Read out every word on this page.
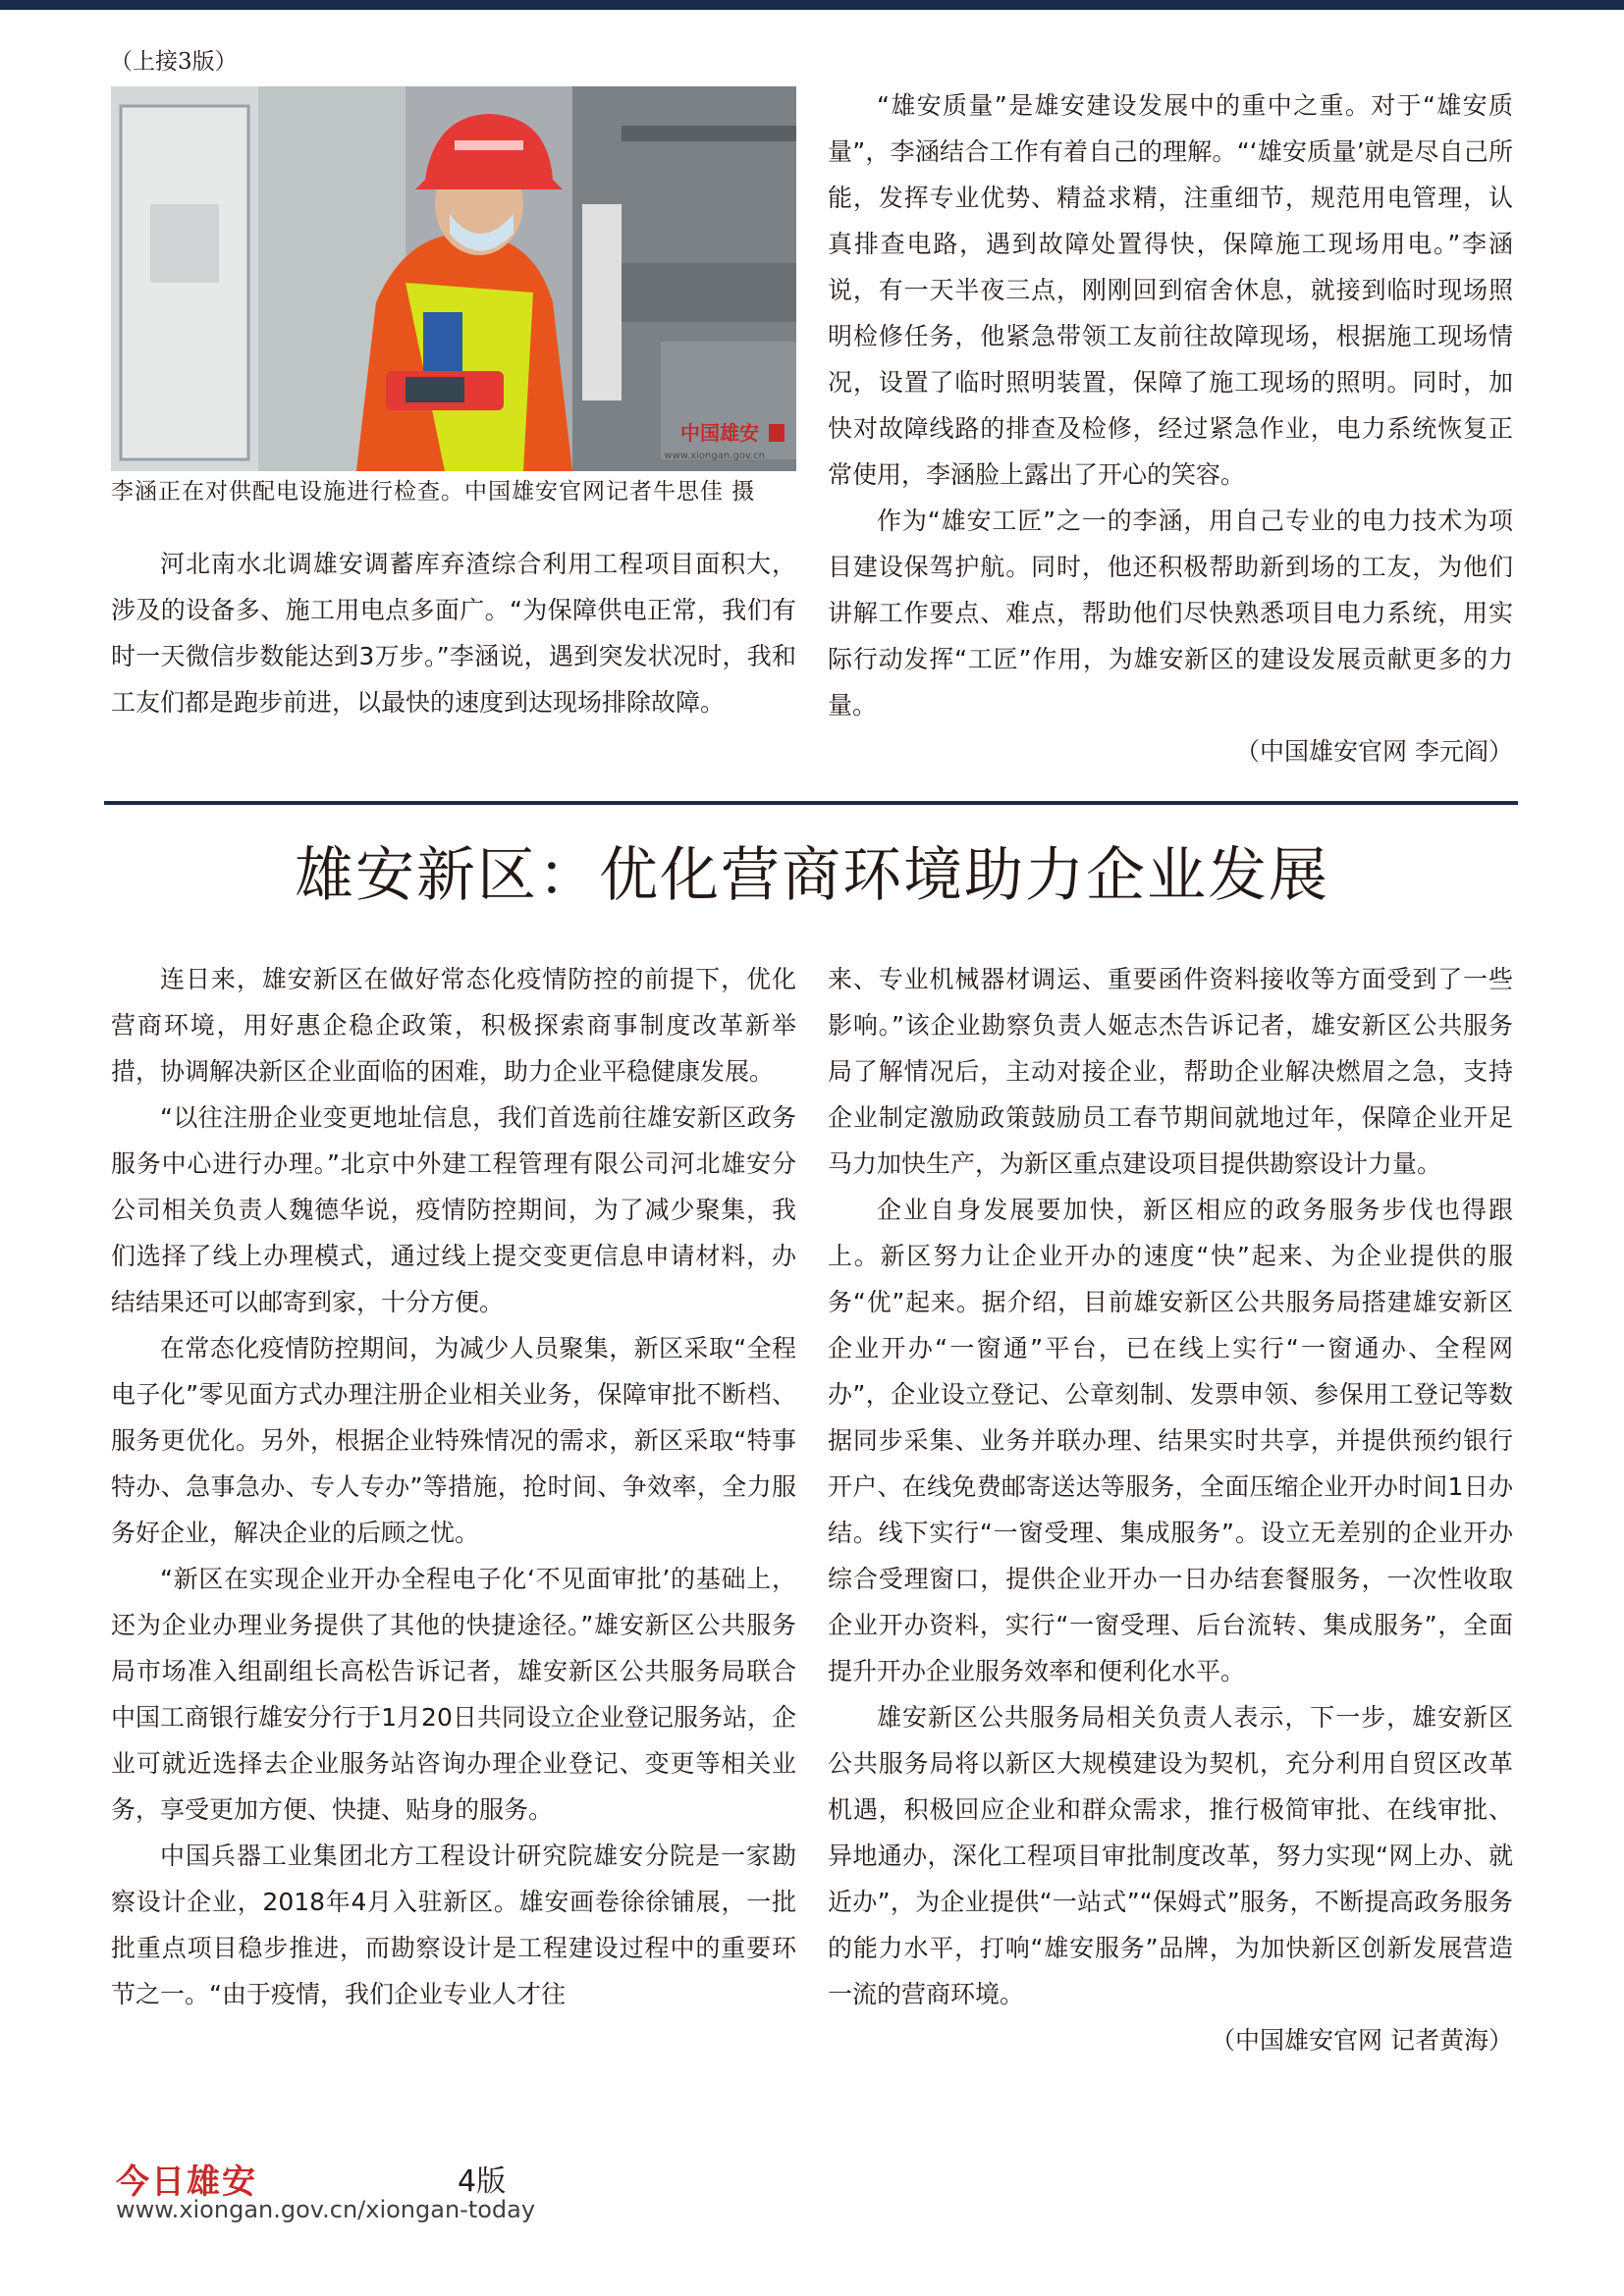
（上接3版）
中国雄安
www.xiongan.gov.cn
李涵正在对供配电设施进行检查。中国雄安官网记者牛思佳 摄

河北南水北调雄安调蓄库弃渣综合利用工程项目面积大，涉及的设备多、施工用电点多面广。“为保障供电正常，我们有时一天微信步数能达到3万步。”李涵说，遇到突发状况时，我和工友们都是跑步前进，以最快的速度到达现场排除故障。

“雄安质量”是雄安建设发展中的重中之重。对于“雄安质量”，李涵结合工作有着自己的理解。“‘雄安质量’就是尽自己所能，发挥专业优势、精益求精，注重细节，规范用电管理，认真排查电路，遇到故障处置得快，保障施工现场用电。”李涵说，有一天半夜三点，刚刚回到宿舍休息，就接到临时现场照明检修任务，他紧急带领工友前往故障现场，根据施工现场情况，设置了临时照明装置，保障了施工现场的照明。同时，加快对故障线路的排查及检修，经过紧急作业，电力系统恢复正常使用，李涵脸上露出了开心的笑容。

作为“雄安工匠”之一的李涵，用自己专业的电力技术为项目建设保驾护航。同时，他还积极帮助新到场的工友，为他们讲解工作要点、难点，帮助他们尽快熟悉项目电力系统，用实际行动发挥“工匠”作用，为雄安新区的建设发展贡献更多的力量。

（中国雄安官网 李元阎）

雄安新区：优化营商环境助力企业发展

连日来，雄安新区在做好常态化疫情防控的前提下，优化营商环境，用好惠企稳企政策，积极探索商事制度改革新举措，协调解决新区企业面临的困难，助力企业平稳健康发展。

“以往注册企业变更地址信息，我们首选前往雄安新区政务服务中心进行办理。”北京中外建工程管理有限公司河北雄安分公司相关负责人魏德华说，疫情防控期间，为了减少聚集，我们选择了线上办理模式，通过线上提交变更信息申请材料，办结结果还可以邮寄到家，十分方便。

在常态化疫情防控期间，为减少人员聚集，新区采取“全程电子化”零见面方式办理注册企业相关业务，保障审批不断档、服务更优化。另外，根据企业特殊情况的需求，新区采取“特事特办、急事急办、专人专办”等措施，抢时间、争效率，全力服务好企业，解决企业的后顾之忧。

“新区在实现企业开办全程电子化‘不见面审批’的基础上，还为企业办理业务提供了其他的快捷途径。”雄安新区公共服务局市场准入组副组长高松告诉记者，雄安新区公共服务局联合中国工商银行雄安分行于1月20日共同设立企业登记服务站，企业可就近选择去企业服务站咨询办理企业登记、变更等相关业务，享受更加方便、快捷、贴身的服务。

中国兵器工业集团北方工程设计研究院雄安分院是一家勘察设计企业，2018年4月入驻新区。雄安画卷徐徐铺展，一批批重点项目稳步推进，而勘察设计是工程建设过程中的重要环节之一。“由于疫情，我们企业专业人才往

来、专业机械器材调运、重要函件资料接收等方面受到了一些影响。”该企业勘察负责人姬志杰告诉记者，雄安新区公共服务局了解情况后，主动对接企业，帮助企业解决燃眉之急，支持企业制定激励政策鼓励员工春节期间就地过年，保障企业开足马力加快生产，为新区重点建设项目提供勘察设计力量。

企业自身发展要加快，新区相应的政务服务步伐也得跟上。新区努力让企业开办的速度“快”起来、为企业提供的服务“优”起来。据介绍，目前雄安新区公共服务局搭建雄安新区企业开办“一窗通”平台，已在线上实行“一窗通办、全程网办”，企业设立登记、公章刻制、发票申领、参保用工登记等数据同步采集、业务并联办理、结果实时共享，并提供预约银行开户、在线免费邮寄送达等服务，全面压缩企业开办时间1日办结。线下实行“一窗受理、集成服务”。设立无差别的企业开办综合受理窗口，提供企业开办一日办结套餐服务，一次性收取企业开办资料，实行“一窗受理、后台流转、集成服务”，全面提升开办企业服务效率和便利化水平。

雄安新区公共服务局相关负责人表示，下一步，雄安新区公共服务局将以新区大规模建设为契机，充分利用自贸区改革机遇，积极回应企业和群众需求，推行极简审批、在线审批、异地通办，深化工程项目审批制度改革，努力实现“网上办、就近办”，为企业提供“一站式”“保姆式”服务，不断提高政务服务的能力水平，打响“雄安服务”品牌，为加快新区创新发展营造一流的营商环境。

（中国雄安官网 记者黄海）

今日雄安	4版
www.xiongan.gov.cn/xiongan-today
